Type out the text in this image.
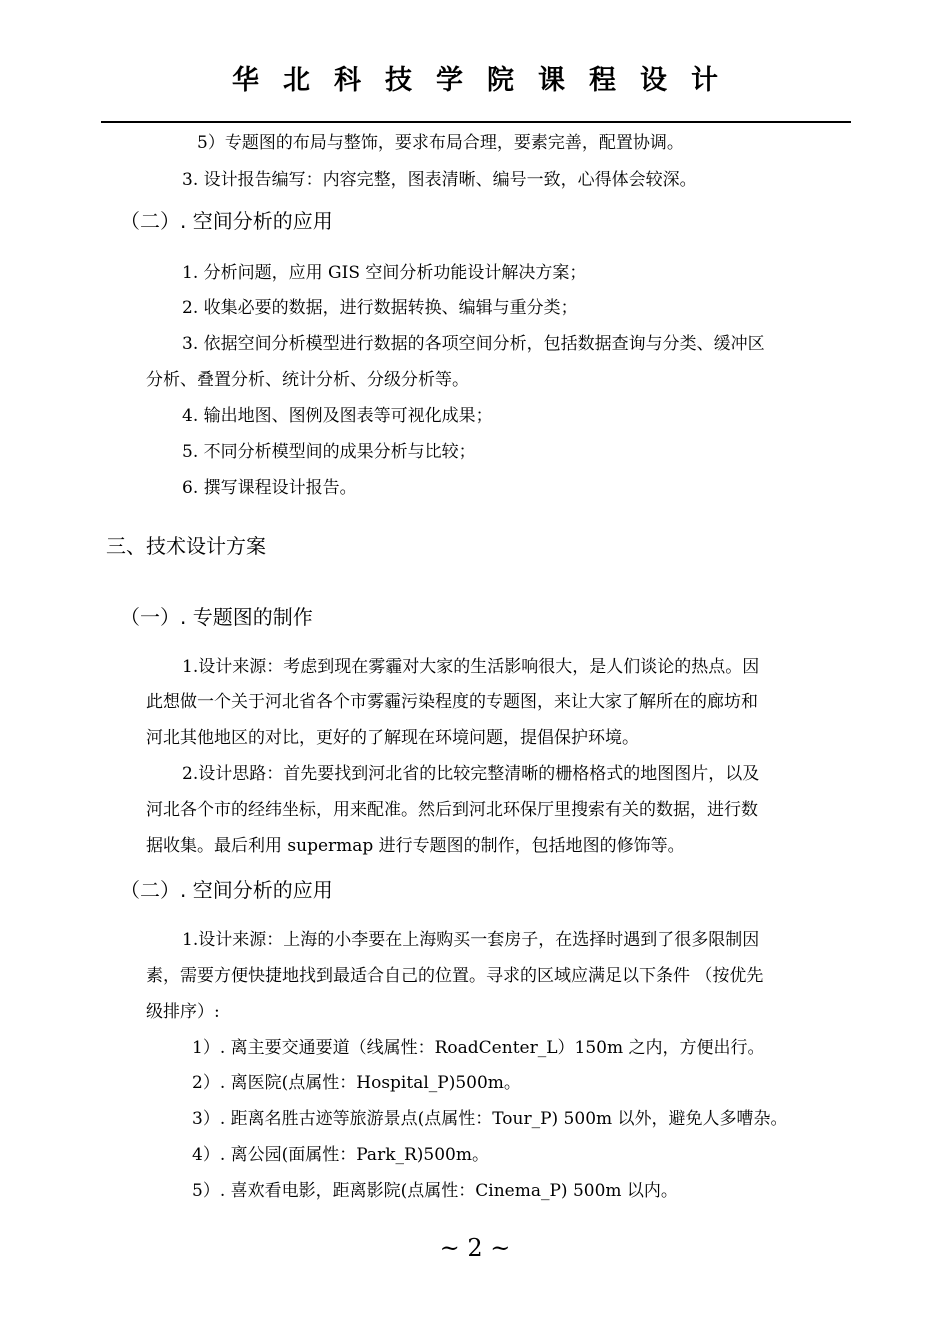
华北科技学院课程设计
5）专题图的布局与整饰，要求布局合理，要素完善，配置协调。
3. 设计报告编写：内容完整，图表清晰、编号一致，心得体会较深。
（二）. 空间分析的应用
1. 分析问题，应用 GIS 空间分析功能设计解决方案；
2. 收集必要的数据，进行数据转换、编辑与重分类；
3. 依据空间分析模型进行数据的各项空间分析，包括数据查询与分类、缓冲区
分析、叠置分析、统计分析、分级分析等。
4. 输出地图、图例及图表等可视化成果；
5. 不同分析模型间的成果分析与比较；
6. 撰写课程设计报告。
三、技术设计方案
（一）. 专题图的制作
1.设计来源：考虑到现在雾霾对大家的生活影响很大，是人们谈论的热点。因
此想做一个关于河北省各个市雾霾污染程度的专题图，来让大家了解所在的廊坊和
河北其他地区的对比，更好的了解现在环境问题，提倡保护环境。
2.设计思路：首先要找到河北省的比较完整清晰的栅格格式的地图图片，以及
河北各个市的经纬坐标，用来配准。然后到河北环保厅里搜索有关的数据，进行数
据收集。最后利用 supermap 进行专题图的制作，包括地图的修饰等。
（二）. 空间分析的应用
1.设计来源：上海的小李要在上海购买一套房子，在选择时遇到了很多限制因
素，需要方便快捷地找到最适合自己的位置。寻求的区域应满足以下条件 （按优先
级排序）:
1）. 离主要交通要道（线属性：RoadCenter_L）150m 之内，方便出行。
2）. 离医院(点属性：Hospital_P)500m。
3）. 距离名胜古迹等旅游景点(点属性：Tour_P) 500m 以外，避免人多嘈杂。
4）. 离公园(面属性：Park_R)500m。
5）. 喜欢看电影，距离影院(点属性：Cinema_P) 500m 以内。
~ 2 ~
